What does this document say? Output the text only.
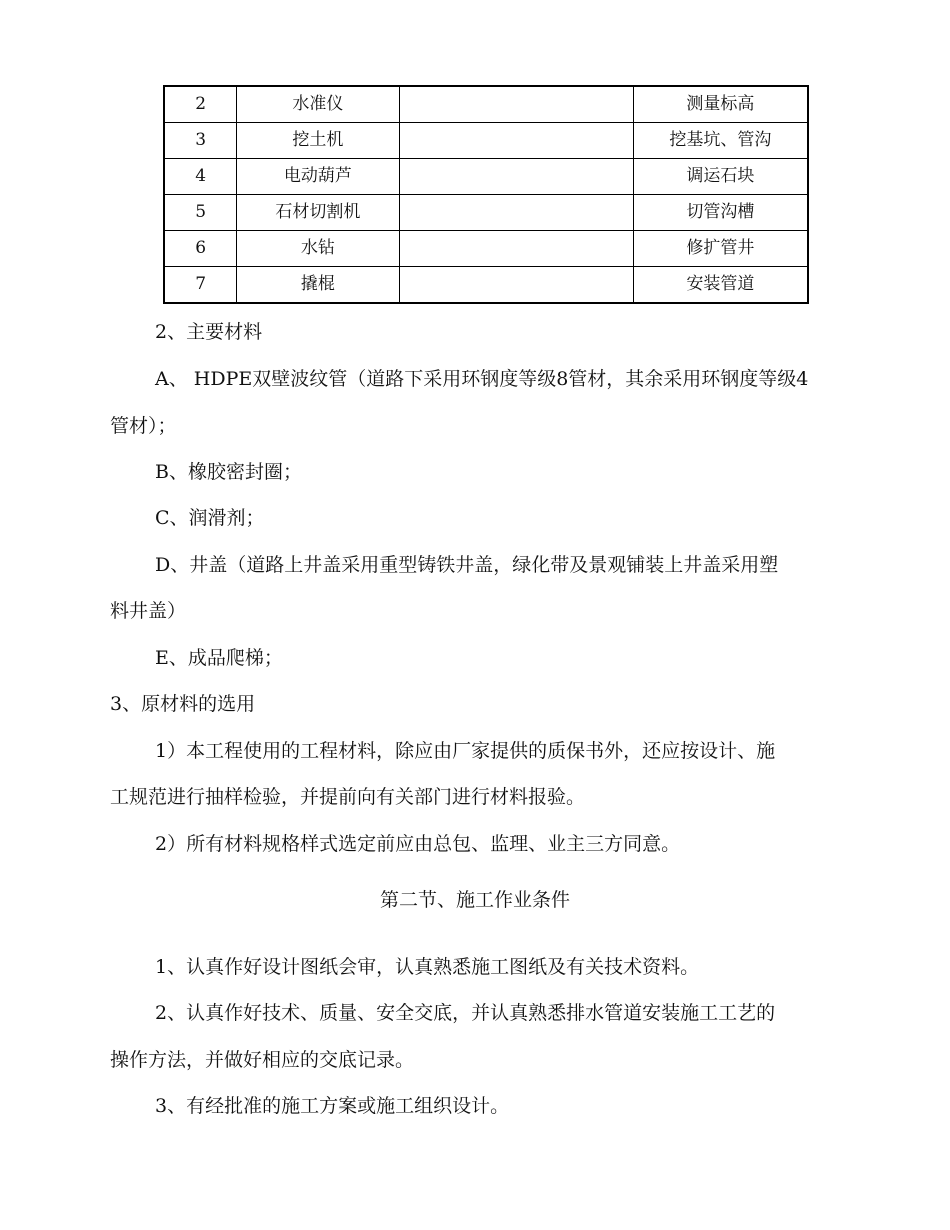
2	水准仪		测量标高
3	挖土机		挖基坑、管沟
4	电动葫芦		调运石块
5	石材切割机		切管沟槽
6	水钻		修扩管井
7	撬棍		安装管道
2、主要材料
A、 HDPE双壁波纹管（道路下采用环钢度等级8管材，其余采用环钢度等级4
管材）；
B、橡胶密封圈；
C、润滑剂；
D、井盖（道路上井盖采用重型铸铁井盖，绿化带及景观铺装上井盖采用塑
料井盖）
E、成品爬梯；
3、原材料的选用
1）本工程使用的工程材料，除应由厂家提供的质保书外，还应按设计、施
工规范进行抽样检验，并提前向有关部门进行材料报验。
2）所有材料规格样式选定前应由总包、监理、业主三方同意。
第二节、施工作业条件
1、认真作好设计图纸会审，认真熟悉施工图纸及有关技术资料。
2、认真作好技术、质量、安全交底，并认真熟悉排水管道安装施工工艺的
操作方法，并做好相应的交底记录。
3、有经批准的施工方案或施工组织设计。
